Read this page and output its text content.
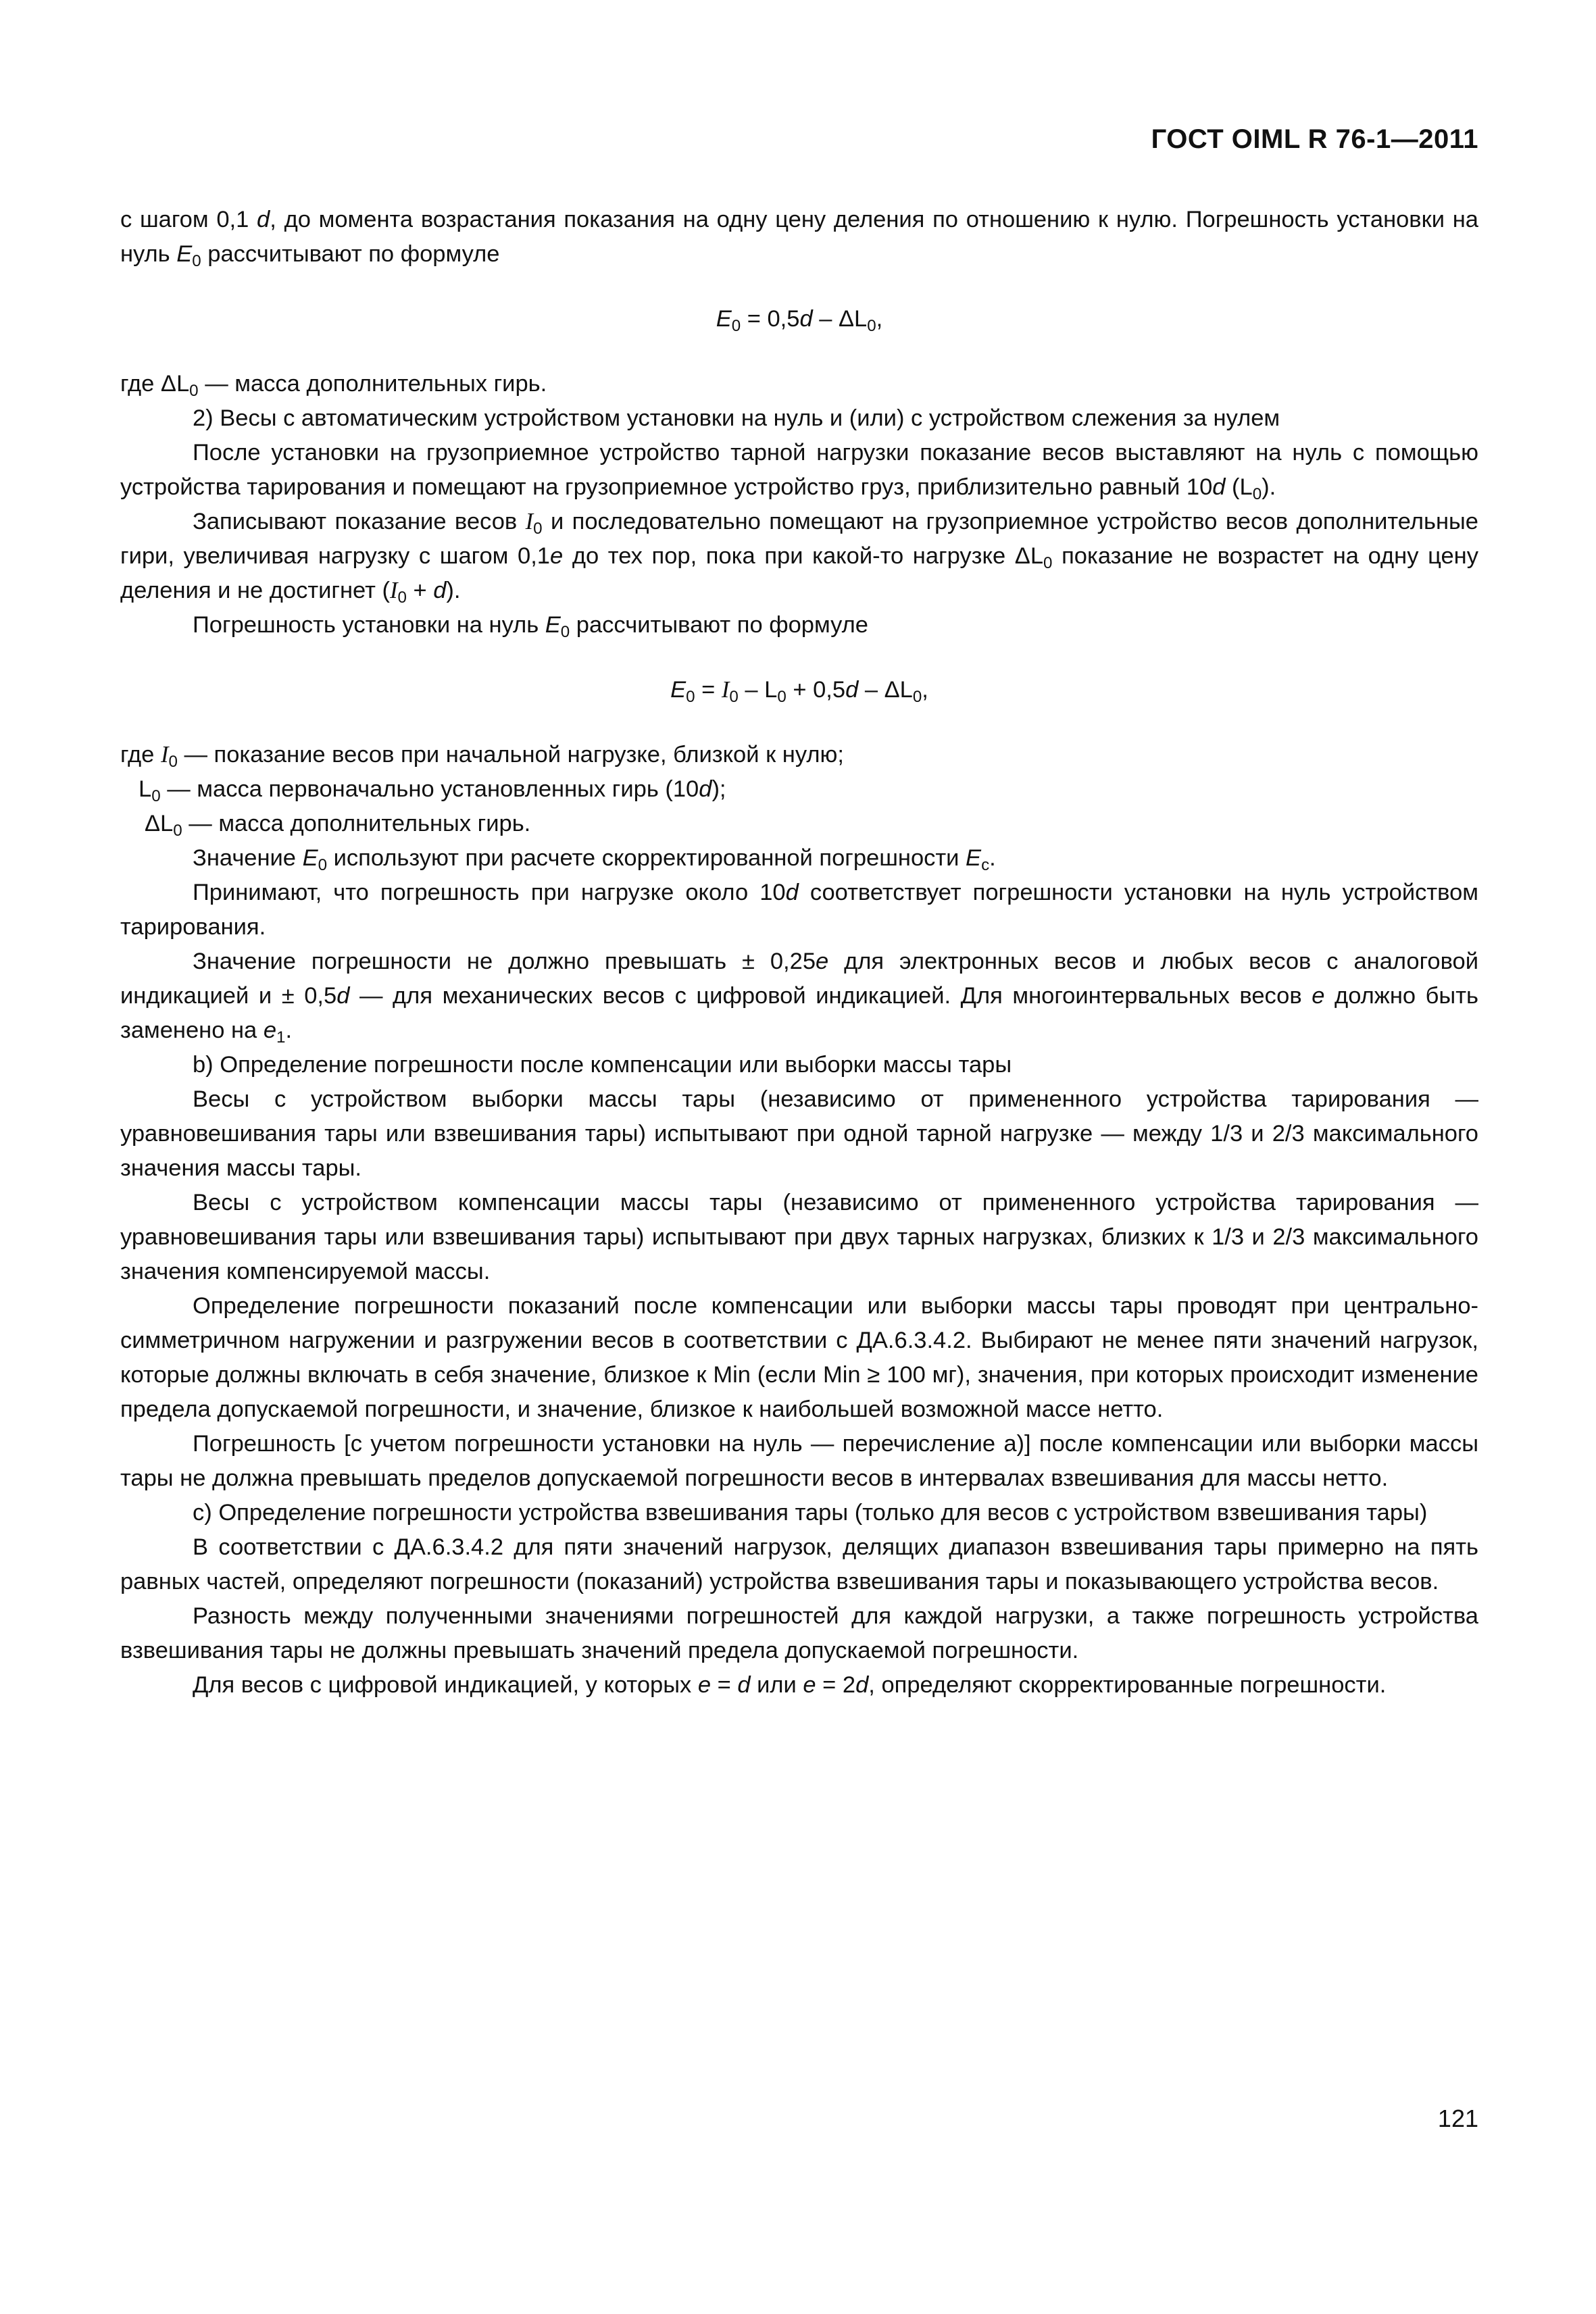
ГОСТ OIML R 76-1—2011

с шагом 0,1 d, до момента возрастания показания на одну цену деления по отношению к нулю. Погрешность установки на нуль $E_0$ рассчитывают по формуле

$E_0 = 0,5d - \Delta L_0$,

где $\Delta L_0$ — масса дополнительных гирь.

2) Весы с автоматическим устройством установки на нуль и (или) с устройством слежения за нулем

После установки на грузоприемное устройство тарной нагрузки показание весов выставляют на нуль с помощью устройства тарирования и помещают на грузоприемное устройство груз, приблизительно равный 10d $(L_0)$.

Записывают показание весов $I_0$ и последовательно помещают на грузоприемное устройство весов дополнительные гири, увеличивая нагрузку с шагом 0,1e до тех пор, пока при какой-то нагрузке $\Delta L_0$ показание не возрастет на одну цену деления и не достигнет $(I_0 + d)$.

Погрешность установки на нуль $E_0$ рассчитывают по формуле

$E_0 = I_0 - L_0 + 0,5d - \Delta L_0$,

где $I_0$ — показание весов при начальной нагрузке, близкой к нулю;

$L_0$ — масса первоначально установленных гирь (10d);

$\Delta L_0$ — масса дополнительных гирь.

Значение $E_0$ используют при расчете скорректированной погрешности $E_c$.

Принимают, что погрешность при нагрузке около 10d соответствует погрешности установки на нуль устройством тарирования.

Значение погрешности не должно превышать ± 0,25e для электронных весов и любых весов с аналоговой индикацией и ± 0,5d — для механических весов с цифровой индикацией. Для многоинтервальных весов e должно быть заменено на $e_1$.

b) Определение погрешности после компенсации или выборки массы тары

Весы с устройством выборки массы тары (независимо от примененного устройства тарирования — уравновешивания тары или взвешивания тары) испытывают при одной тарной нагрузке — между 1/3 и 2/3 максимального значения массы тары.

Весы с устройством компенсации массы тары (независимо от примененного устройства тарирования — уравновешивания тары или взвешивания тары) испытывают при двух тарных нагрузках, близких к 1/3 и 2/3 максимального значения компенсируемой массы.

Определение погрешности показаний после компенсации или выборки массы тары проводят при центрально-симметричном нагружении и разгружении весов в соответствии с ДА.6.3.4.2. Выбирают не менее пяти значений нагрузок, которые должны включать в себя значение, близкое к Min (если Min ≥ 100 мг), значения, при которых происходит изменение предела допускаемой погрешности, и значение, близкое к наибольшей возможной массе нетто.

Погрешность [с учетом погрешности установки на нуль — перечисление а)] после компенсации или выборки массы тары не должна превышать пределов допускаемой погрешности весов в интервалах взвешивания для массы нетто.

c) Определение погрешности устройства взвешивания тары (только для весов с устройством взвешивания тары)

В соответствии с ДА.6.3.4.2 для пяти значений нагрузок, делящих диапазон взвешивания тары примерно на пять равных частей, определяют погрешности (показаний) устройства взвешивания тары и показывающего устройства весов.

Разность между полученными значениями погрешностей для каждой нагрузки, а также погрешность устройства взвешивания тары не должны превышать значений предела допускаемой погрешности.

Для весов с цифровой индикацией, у которых e = d или e = 2d, определяют скорректированные погрешности.

121
